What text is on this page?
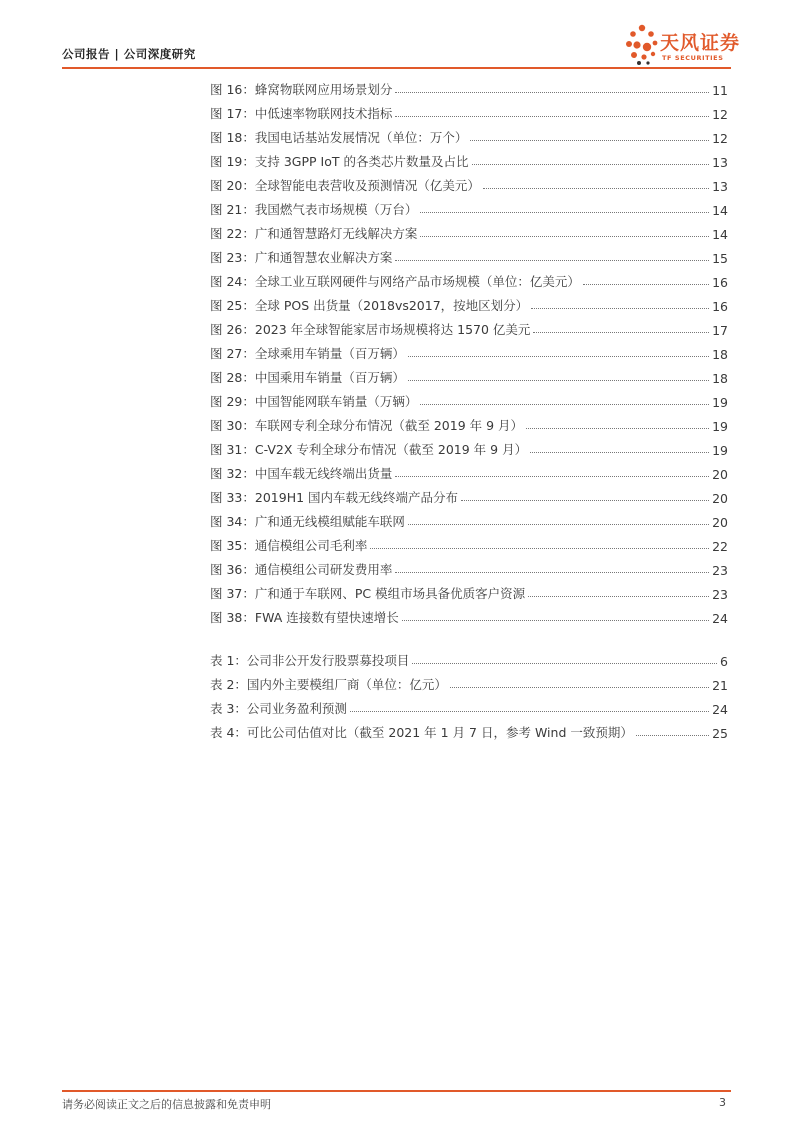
公司报告 | 公司深度研究	天风证券
TF SECURITIES
图 16：蜂窝物联网应用场景划分	11
图 17：中低速率物联网技术指标	12
图 18：我国电话基站发展情况（单位：万个）	12
图 19：支持 3GPP IoT 的各类芯片数量及占比	13
图 20：全球智能电表营收及预测情况（亿美元）	13
图 21：我国燃气表市场规模（万台）	14
图 22：广和通智慧路灯无线解决方案	14
图 23：广和通智慧农业解决方案	15
图 24：全球工业互联网硬件与网络产品市场规模（单位：亿美元）	16
图 25：全球 POS 出货量（2018vs2017，按地区划分）	16
图 26：2023 年全球智能家居市场规模将达 1570 亿美元	17
图 27：全球乘用车销量（百万辆）	18
图 28：中国乘用车销量（百万辆）	18
图 29：中国智能网联车销量（万辆）	19
图 30：车联网专利全球分布情况（截至 2019 年 9 月）	19
图 31：C-V2X 专利全球分布情况（截至 2019 年 9 月）	19
图 32：中国车载无线终端出货量	20
图 33：2019H1 国内车载无线终端产品分布	20
图 34：广和通无线模组赋能车联网	20
图 35：通信模组公司毛利率	22
图 36：通信模组公司研发费用率	23
图 37：广和通于车联网、PC 模组市场具备优质客户资源	23
图 38：FWA 连接数有望快速增长	24
表 1：公司非公开发行股票募投项目	6
表 2：国内外主要模组厂商（单位：亿元）	21
表 3：公司业务盈利预测	24
表 4：可比公司估值对比（截至 2021 年 1 月 7 日，参考 Wind 一致预期）	25
请务必阅读正文之后的信息披露和免责申明	3
